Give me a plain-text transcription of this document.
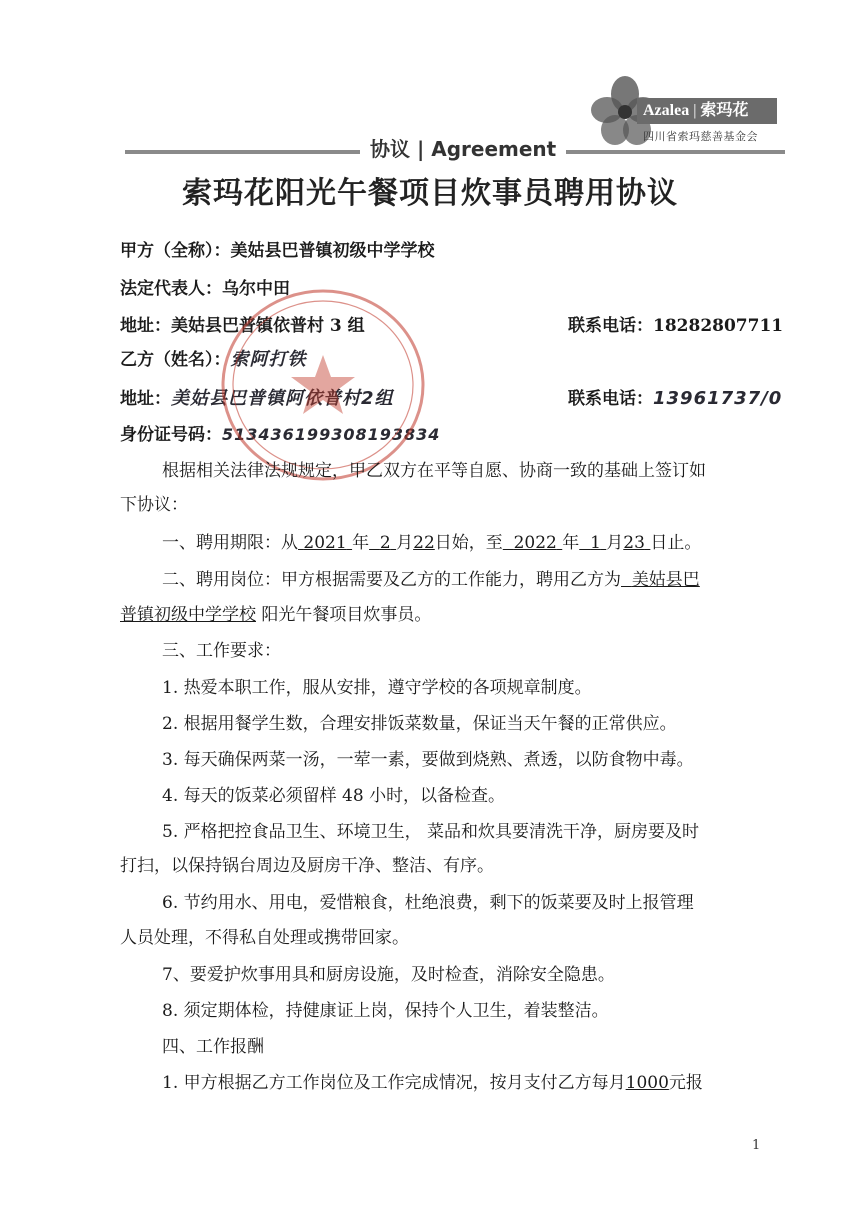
Azalea | 索玛花
四川省索玛慈善基金会
协议 | Agreement
索玛花阳光午餐项目炊事员聘用协议
甲方（全称）：美姑县巴普镇初级中学学校
法定代表人：乌尔中田
地址：美姑县巴普镇依普村 3 组	联系电话：18282807711
乙方（姓名）：索阿打铁
地址：美姑县巴普镇阿依普村2组	联系电话：13961737/0
身份证号码：513436199308193834
根据相关法律法规规定，甲乙双方在平等自愿、协商一致的基础上签订如
下协议：
一、聘用期限：从 2021 年 2 月22日始，至 2022 年 1 月23 日止。
二、聘用岗位：甲方根据需要及乙方的工作能力，聘用乙方为 美姑县巴
普镇初级中学学校 阳光午餐项目炊事员。
三、工作要求：
1. 热爱本职工作，服从安排，遵守学校的各项规章制度。
2. 根据用餐学生数，合理安排饭菜数量，保证当天午餐的正常供应。
3. 每天确保两菜一汤，一荤一素，要做到烧熟、煮透，以防食物中毒。
4. 每天的饭菜必须留样 48 小时，以备检查。
5. 严格把控食品卫生、环境卫生， 菜品和炊具要清洗干净，厨房要及时
打扫，以保持锅台周边及厨房干净、整洁、有序。
6. 节约用水、用电，爱惜粮食，杜绝浪费，剩下的饭菜要及时上报管理
人员处理，不得私自处理或携带回家。
7、要爱护炊事用具和厨房设施，及时检查，消除安全隐患。
8. 须定期体检，持健康证上岗，保持个人卫生，着装整洁。
四、工作报酬
1. 甲方根据乙方工作岗位及工作完成情况，按月支付乙方每月1000元报
1
